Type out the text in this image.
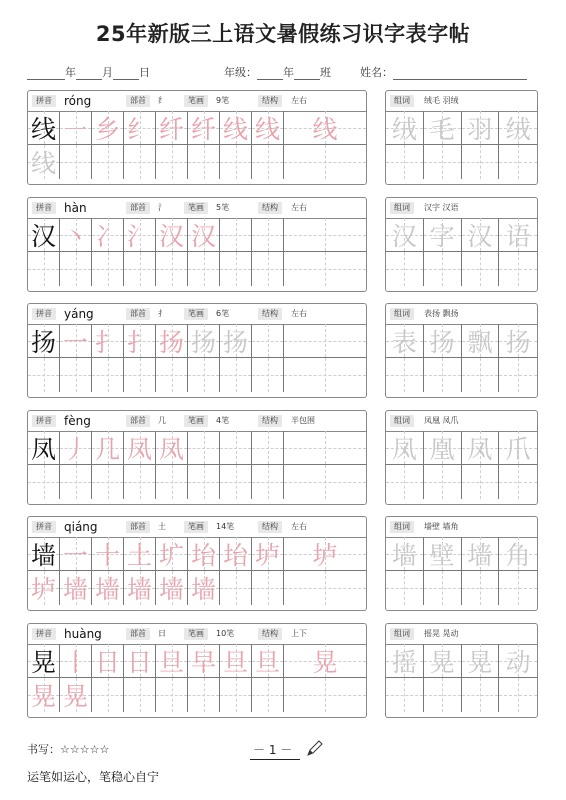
25年新版三上语文暑假练习识字表字帖
年 月 日	年级： 年 班	姓名：
拼音	róng	部首	纟	笔画	9笔	结构	左右
线 ㇐ 乡 纟 纤 纤 线 线	线
线
组词	绒毛 羽绒
绒 毛 羽 绒
拼音	hàn	部首	氵	笔画	5笔	结构	左右
汉 丶 冫 氵 汉 汉
组词	汉字 汉语
汉 字 汉 语
拼音	yáng	部首	扌	笔画	6笔	结构	左右
扬 一 扌 扌 扬 扬 扬
组词	表扬 飘扬
表 扬 飘 扬
拼音	fèng	部首	几	笔画	4笔	结构	半包围
凤 丿 几 凤 凤
组词	凤凰 凤爪
凤 凰 凤 爪
拼音	qiáng	部首	土	笔画	14笔	结构	左右
墙 一 十 土 圹 坮 坮 垆	垆
垆 墙 墙 墙 墙 墙
组词	墙壁 墙角
墙 壁 墙 角
拼音	huàng	部首	日	笔画	10笔	结构	上下
晃 丨 日 日 旦 早 旦 旦	晃
晃 晃
组词	摇晃 晃动
摇 晃 晃 动
书写：☆☆☆☆☆	－ 1 －
运笔如运心，笔稳心自宁
